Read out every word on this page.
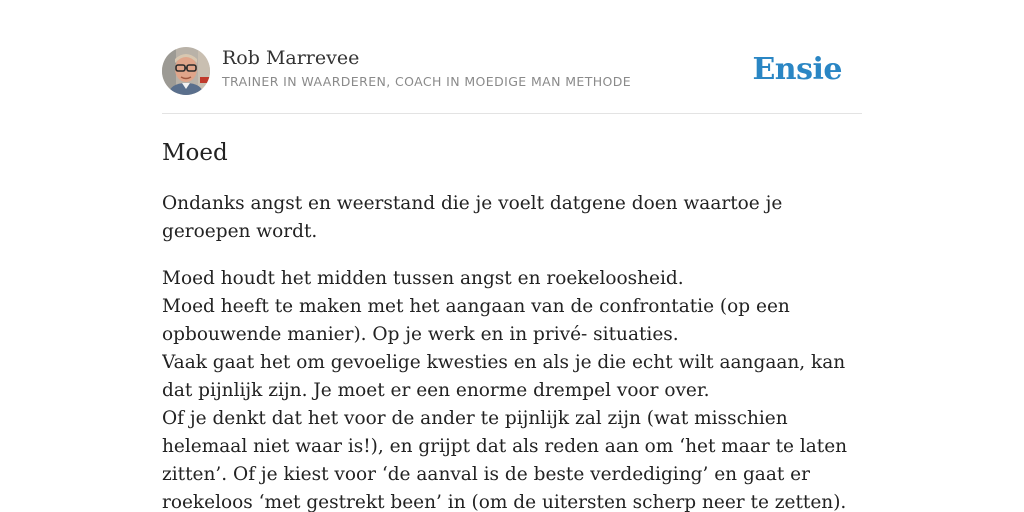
Rob Marrevee
TRAINER IN WAARDEREN, COACH IN MOEDIGE MAN METHODE	Ensie
Moed

Ondanks angst en weerstand die je voelt datgene doen waartoe je geroepen wordt.

Moed houdt het midden tussen angst en roekeloosheid.
Moed heeft te maken met het aangaan van de confrontatie (op een opbouwende manier). Op je werk en in privé- situaties.
Vaak gaat het om gevoelige kwesties en als je die echt wilt aangaan, kan dat pijnlijk zijn. Je moet er een enorme drempel voor over.
Of je denkt dat het voor de ander te pijnlijk zal zijn (wat misschien helemaal niet waar is!), en grijpt dat als reden aan om ‘het maar te laten zitten’. Of je kiest voor ‘de aanval is de beste verdediging’ en gaat er roekeloos ‘met gestrekt been’ in (om de uitersten scherp neer te zetten).
